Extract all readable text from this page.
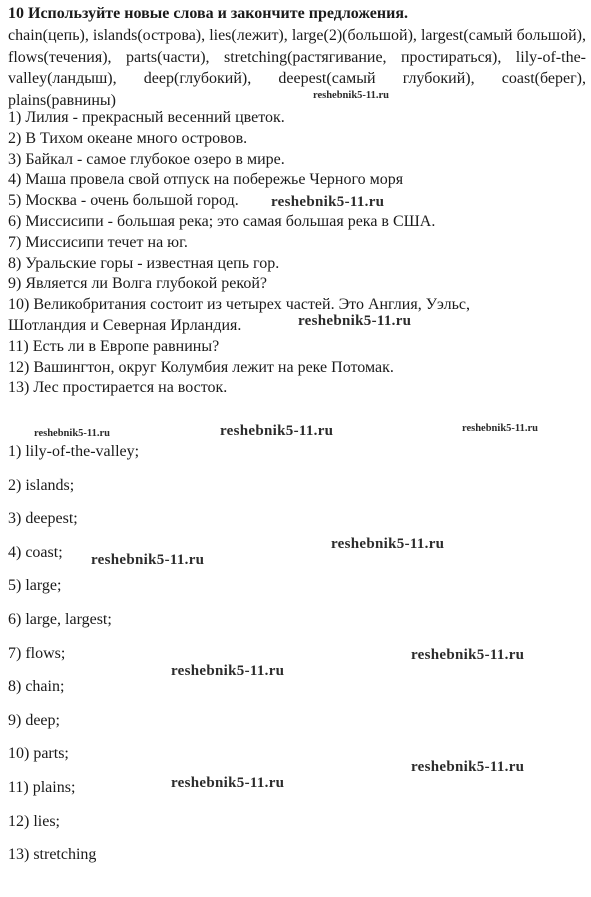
10 Используйте новые слова и закончите предложения.

chain(цепь), islands(острова), lies(лежит), large(2)(большой), largest(самый большой), flows(течения), parts(части), stretching(растягивание, простираться), lily-of-the-valley(ландыш), deep(глубокий), deepest(самый глубокий), coast(берег), plains(равнины)

1) Лилия - прекрасный весенний цветок.
2) В Тихом океане много островов.
3) Байкал - самое глубокое озеро в мире.
4) Маша провела свой отпуск на побережье Черного моря
5) Москва - очень большой город.
6) Миссисипи - большая река; это самая большая река в США.
7) Миссисипи течет на юг.
8) Уральские горы - известная цепь гор.
9) Является ли Волга глубокой рекой?
10) Великобритания состоит из четырех частей. Это Англия, Уэльс,
Шотландия и Северная Ирландия.
11) Есть ли в Европе равнины?
12) Вашингтон, округ Колумбия лежит на реке Потомак.
13) Лес простирается на восток.
1) lily-of-the-valley;
2) islands;
3) deepest;
4) coast;
5) large;
6) large, largest;
7) flows;
8) chain;
9) deep;
10) parts;
11) plains;
12) lies;
13) stretching
reshebnik5-11.ru
reshebnik5-11.ru
reshebnik5-11.ru
reshebnik5-11.ru	reshebnik5-11.ru	reshebnik5-11.ru
reshebnik5-11.ru
reshebnik5-11.ru
reshebnik5-11.ru
reshebnik5-11.ru
reshebnik5-11.ru
reshebnik5-11.ru
